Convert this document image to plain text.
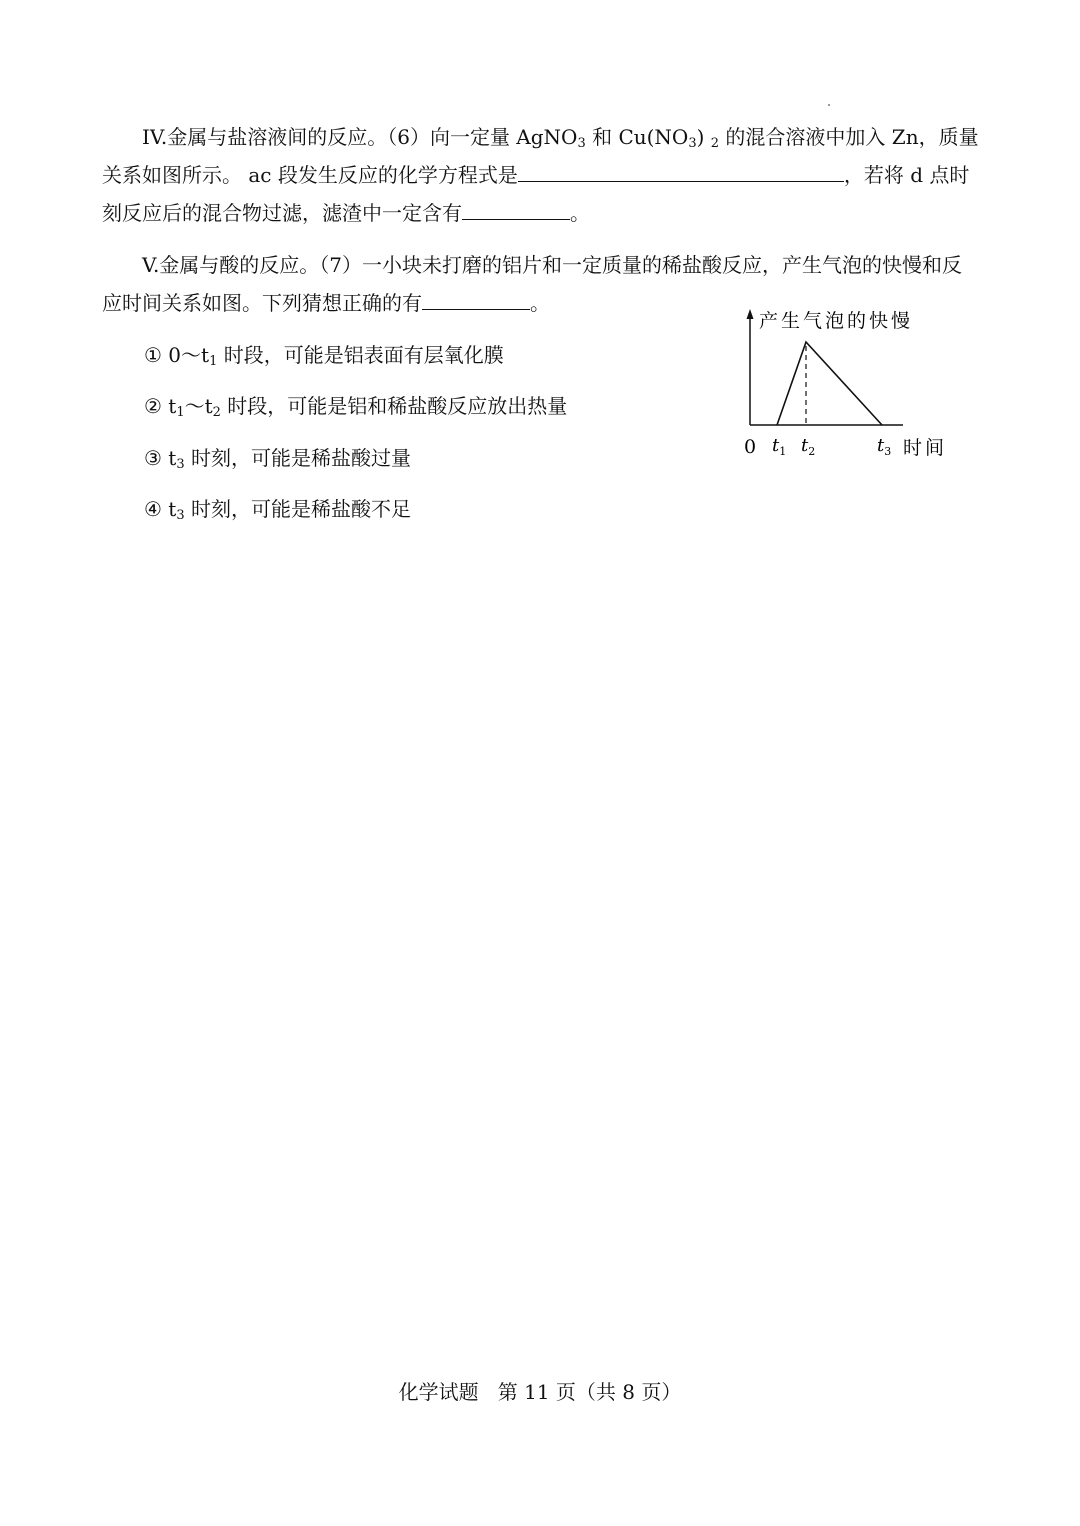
IV.金属与盐溶液间的反应。（6）向一定量 AgNO$_3$ 和 $Cu(NO_3)$ $_2$ 的混合溶液中加入 Zn，质量关系如图所示。 ac 段发生反应的化学方程式是	，若将 d 点时刻反应后的混合物过滤，滤渣中一定含有	。
V.金属与酸的反应。（7）一小块未打磨的铝片和一定质量的稀盐酸反应，产生气泡的快慢和反应时间关系如图。下列猜想正确的有	。
① $0\sim t_1$ 时段，可能是铝表面有层氧化膜
② $t_1\sim t_2$ 时段，可能是铝和稀盐酸反应放出热量
③ $t_3$ 时刻，可能是稀盐酸过量
④ $t_3$ 时刻，可能是稀盐酸不足
产生气泡的快慢
时间
0 $t_1$ $t_2$	$t_3$
化学试题 第 11 页（共 8 页）
